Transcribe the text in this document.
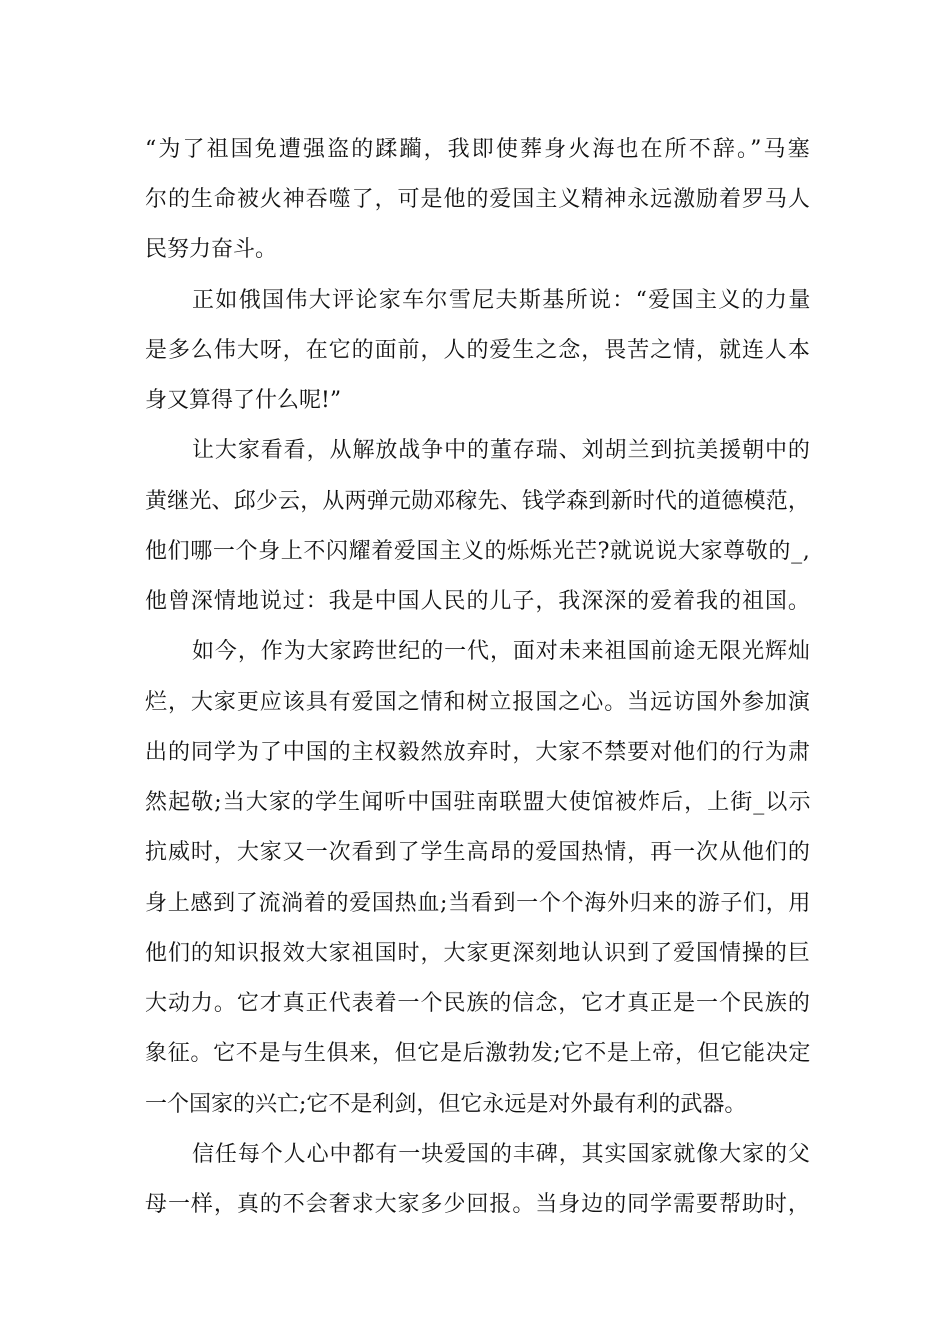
“为了祖国免遭强盗的蹂躏，我即使葬身火海也在所不辞。”马塞
尔的生命被火神吞噬了，可是他的爱国主义精神永远激励着罗马人
民努力奋斗。
正如俄国伟大评论家车尔雪尼夫斯基所说：“爱国主义的力量
是多么伟大呀，在它的面前，人的爱生之念，畏苦之情，就连人本
身又算得了什么呢!”
让大家看看，从解放战争中的董存瑞、刘胡兰到抗美援朝中的
黄继光、邱少云，从两弹元勋邓稼先、钱学森到新时代的道德模范，
他们哪一个身上不闪耀着爱国主义的烁烁光芒?就说说大家尊敬的_,
他曾深情地说过：我是中国人民的儿子，我深深的爱着我的祖国。
如今，作为大家跨世纪的一代，面对未来祖国前途无限光辉灿
烂，大家更应该具有爱国之情和树立报国之心。当远访国外参加演
出的同学为了中国的主权毅然放弃时，大家不禁要对他们的行为肃
然起敬;当大家的学生闻听中国驻南联盟大使馆被炸后，上街_以示
抗威时，大家又一次看到了学生高昂的爱国热情，再一次从他们的
身上感到了流淌着的爱国热血;当看到一个个海外归来的游子们，用
他们的知识报效大家祖国时，大家更深刻地认识到了爱国情操的巨
大动力。它才真正代表着一个民族的信念，它才真正是一个民族的
象征。它不是与生俱来，但它是后激勃发;它不是上帝，但它能决定
一个国家的兴亡;它不是利剑，但它永远是对外最有利的武器。
信任每个人心中都有一块爱国的丰碑，其实国家就像大家的父
母一样，真的不会奢求大家多少回报。当身边的同学需要帮助时，
